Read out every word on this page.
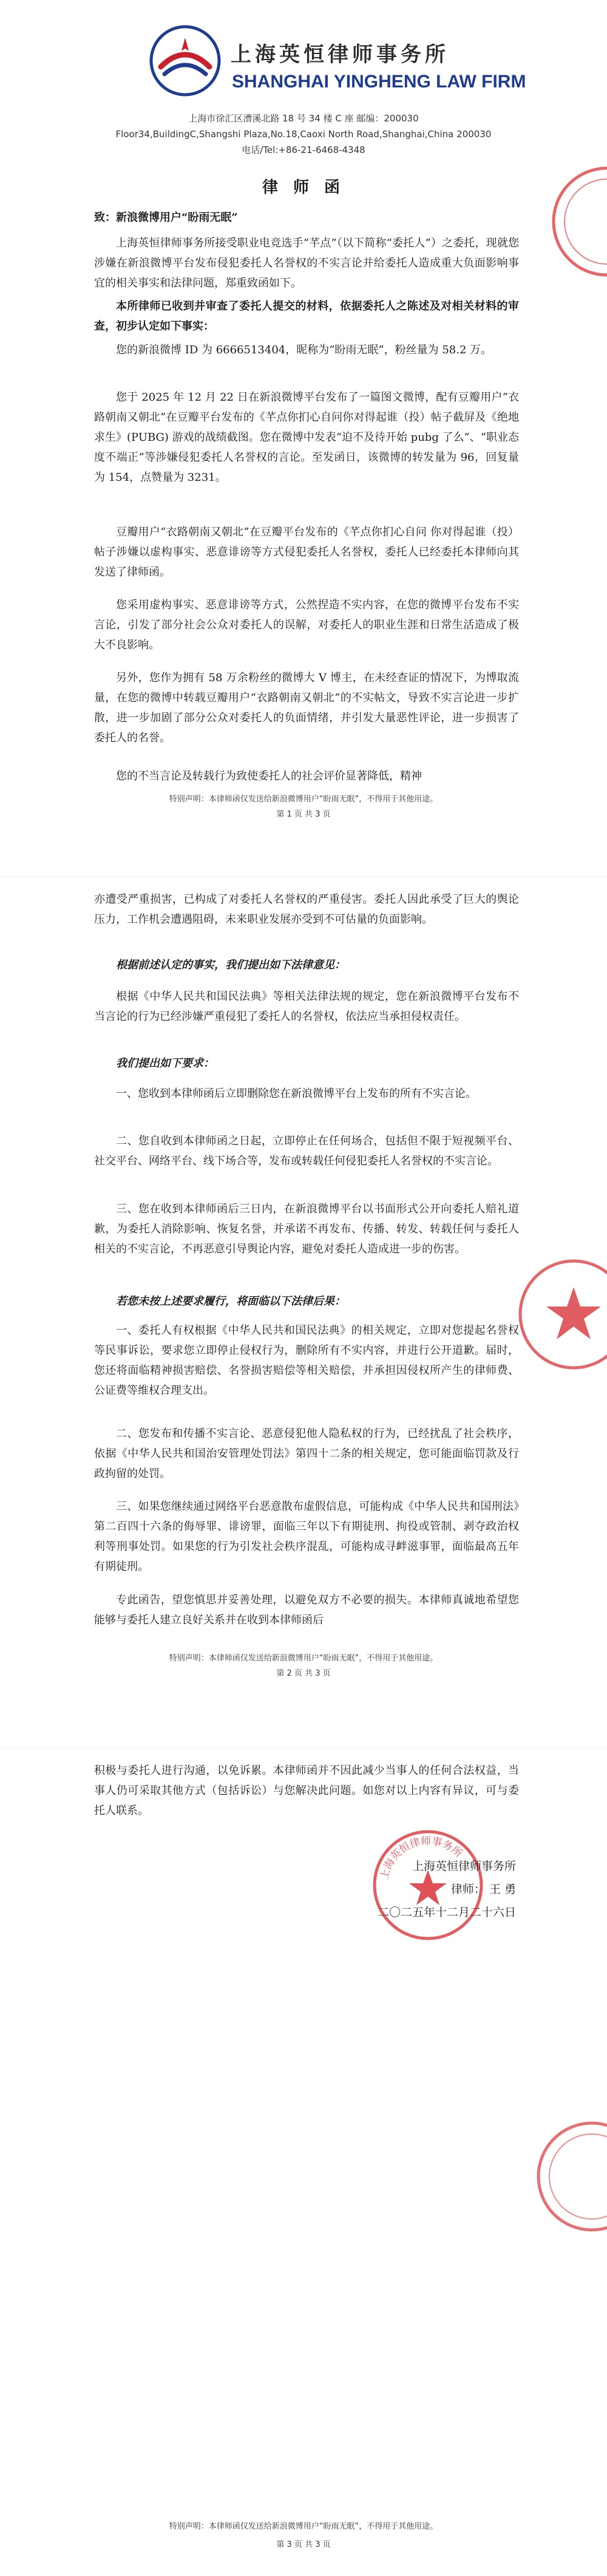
上海英恒律师事务所
SHANGHAI YINGHENG LAW FIRM
上海市徐汇区漕溪北路 18 号 34 楼 C 座 邮编：200030
Floor34,BuildingC,Shangshi Plaza,No.18,Caoxi North Road,Shanghai,China 200030
电话/Tel:+86-21-6468-4348
律 师 函

致：新浪微博用户“盼雨无眠”

上海英恒律师事务所接受职业电竞选手“芊点”（以下简称“委托人”）之委托，现就您涉嫌在新浪微博平台发布侵犯委托人名誉权的不实言论并给委托人造成重大负面影响事宜的相关事实和法律问题，郑重致函如下。

本所律师已收到并审查了委托人提交的材料，依据委托人之陈述及对相关材料的审查，初步认定如下事实：

您的新浪微博 ID 为 6666513404，昵称为“盼雨无眠”，粉丝量为 58.2 万。

您于 2025 年 12 月 22 日在新浪微博平台发布了一篇图文微博，配有豆瓣用户“衣路朝南又朝北”在豆瓣平台发布的《芊点你扪心自问你对得起谁（投）帖子截屏及《绝地求生》(PUBG) 游戏的战绩截图。您在微博中发表“迫不及待开始 pubg 了么”、“职业态度不端正”等涉嫌侵犯委托人名誉权的言论。至发函日，该微博的转发量为 96，回复量为 154，点赞量为 3231。

豆瓣用户“衣路朝南又朝北”在豆瓣平台发布的《芊点你扪心自问 你对得起谁（投）帖子涉嫌以虚构事实、恶意诽谤等方式侵犯委托人名誉权，委托人已经委托本律师向其发送了律师函。

您采用虚构事实、恶意诽谤等方式，公然捏造不实内容，在您的微博平台发布不实言论，引发了部分社会公众对委托人的误解，对委托人的职业生涯和日常生活造成了极大不良影响。

另外，您作为拥有 58 万余粉丝的微博大 V 博主，在未经查证的情况下，为博取流量，在您的微博中转载豆瓣用户“衣路朝南又朝北”的不实帖文，导致不实言论进一步扩散，进一步加剧了部分公众对委托人的负面情绪，并引发大量恶性评论，进一步损害了委托人的名誉。

您的不当言论及转载行为致使委托人的社会评价显著降低，精神

特别声明：本律师函仅发送给新浪微博用户“盼雨无眠”，不得用于其他用途。
第 1 页 共 3 页

亦遭受严重损害，已构成了对委托人名誉权的严重侵害。委托人因此承受了巨大的舆论压力，工作机会遭遇阻碍，未来职业发展亦受到不可估量的负面影响。

根据前述认定的事实，我们提出如下法律意见：

根据《中华人民共和国民法典》等相关法律法规的规定，您在新浪微博平台发布不当言论的行为已经涉嫌严重侵犯了委托人的名誉权，依法应当承担侵权责任。

我们提出如下要求：

一、您收到本律师函后立即删除您在新浪微博平台上发布的所有不实言论。

二、您自收到本律师函之日起，立即停止在任何场合，包括但不限于短视频平台、社交平台、网络平台、线下场合等，发布或转载任何侵犯委托人名誉权的不实言论。

三、您在收到本律师函后三日内，在新浪微博平台以书面形式公开向委托人赔礼道歉，为委托人消除影响、恢复名誉，并承诺不再发布、传播、转发、转载任何与委托人相关的不实言论，不再恶意引导舆论内容，避免对委托人造成进一步的伤害。

若您未按上述要求履行，将面临以下法律后果：

一、委托人有权根据《中华人民共和国民法典》的相关规定，立即对您提起名誉权等民事诉讼，要求您立即停止侵权行为，删除所有不实内容，并进行公开道歉。届时，您还将面临精神损害赔偿、名誉损害赔偿等相关赔偿，并承担因侵权所产生的律师费、公证费等维权合理支出。

二、您发布和传播不实言论、恶意侵犯他人隐私权的行为，已经扰乱了社会秩序，依据《中华人民共和国治安管理处罚法》第四十二条的相关规定，您可能面临罚款及行政拘留的处罚。

三、如果您继续通过网络平台恶意散布虚假信息，可能构成《中华人民共和国刑法》第二百四十六条的侮辱罪、诽谤罪，面临三年以下有期徒刑、拘役或管制、剥夺政治权利等刑事处罚。如果您的行为引发社会秩序混乱，可能构成寻衅滋事罪，面临最高五年有期徒刑。

专此函告，望您慎思并妥善处理，以避免双方不必要的损失。本律师真诚地希望您能够与委托人建立良好关系并在收到本律师函后

特别声明：本律师函仅发送给新浪微博用户“盼雨无眠”，不得用于其他用途。
第 2 页 共 3 页

积极与委托人进行沟通，以免诉累。本律师函并不因此减少当事人的任何合法权益，当事人仍可采取其他方式（包括诉讼）与您解决此问题。如您对以上内容有异议，可与委托人联系。

上海英恒律师事务所
上海英恒律师事务所
律师： 王 勇
二〇二五年十二月二十六日
特别声明：本律师函仅发送给新浪微博用户“盼雨无眠”，不得用于其他用途。
第 3 页 共 3 页
